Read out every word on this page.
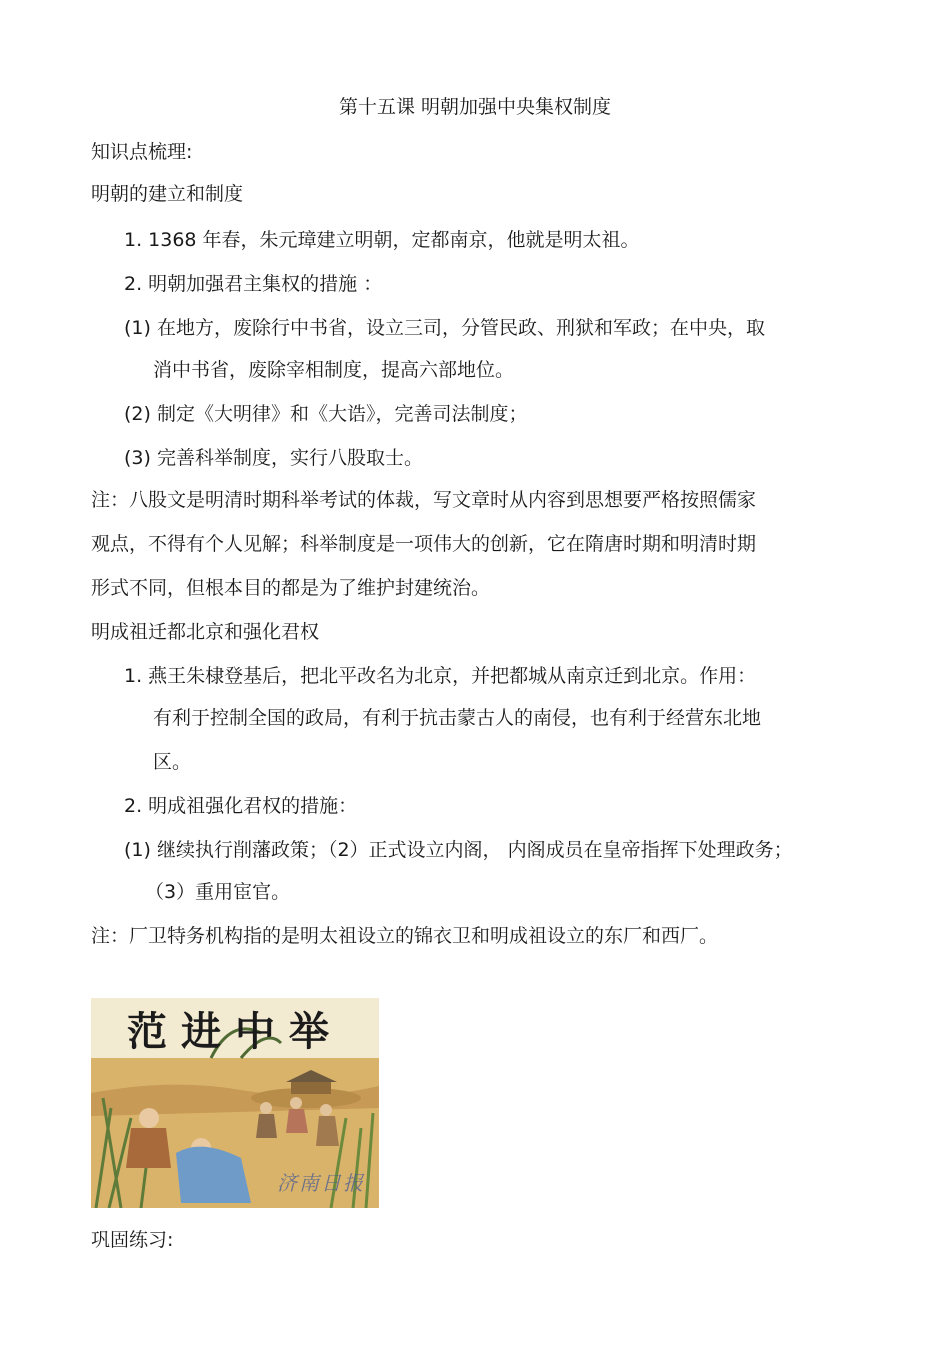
第十五课 明朝加强中央集权制度
知识点梳理:
明朝的建立和制度
1. 1368 年春，朱元璋建立明朝，定都南京，他就是明太祖。
2. 明朝加强君主集权的措施 ：
(1) 在地方，废除行中书省，设立三司，分管民政、刑狱和军政；在中央，取
消中书省，废除宰相制度，提高六部地位。
(2) 制定《大明律》和《大诰》，完善司法制度；
(3) 完善科举制度，实行八股取士。
注：八股文是明清时期科举考试的体裁，写文章时从内容到思想要严格按照儒家
观点，不得有个人见解；科举制度是一项伟大的创新，它在隋唐时期和明清时期
形式不同，但根本目的都是为了维护封建统治。
明成祖迁都北京和强化君权
1. 燕王朱棣登基后，把北平改名为北京，并把都城从南京迁到北京。作用：
有利于控制全国的政局，有利于抗击蒙古人的南侵，也有利于经营东北地
区。
2. 明成祖强化君权的措施：
(1) 继续执行削藩政策；（2）正式设立内阁， 内阁成员在皇帝指挥下处理政务；
（3）重用宦官。
注：厂卫特务机构指的是明太祖设立的锦衣卫和明成祖设立的东厂和西厂。
范进中举
济南日报
巩固练习:
